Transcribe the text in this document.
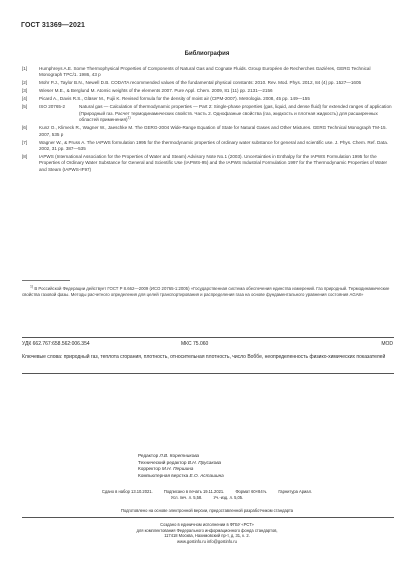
ГОСТ 31369—2021
Библиография
[1]	Humphreys A.E. Some Thermophysical Properties of Components of Natural Gas and Cognate Fluids. Group Européen de Recherches Gazières, GERG Technical Monograph TPC/1. 1986, 43 p
[2]	Mohr P.J., Taylor B.N., Newell D.B. CODATA recommended values of the fundamental physical constants: 2010. Rev. Mod. Phys. 2012, 84 (4) pp. 1527—1605
[3]	Wieser M.E., & Berglund M. Atomic weights of the elements 2007. Pure Appl. Chem. 2009, 81 (11) pp. 2131—2156
[4]	Picard A., Davis R.S., Gläser M., Fujii K. Revised formula for the density of moist air (CIPM-2007). Metrologia. 2008, 45 pp. 149—155
[5]	ISO 20765-2	Natural gas — Calculation of thermodynamic properties — Part 2: Single-phase properties (gas, liquid, and dense fluid) for extended ranges of application (Природный газ. Расчет термодинамических свойств. Часть 2. Однофазные свойства (газ, жидкость и плотная жидкость) для расширенных областей применения)$^{1)}$
[6]	Kunz O., Klimeck R., Wagner W., Jaeschke M. The GERG-2004 Wide-Range Equation of State for Natural Gases and Other Mixtures. GERG Technical Monograph TM-15. 2007, 535 p
[7]	Wagner W., & Pruss A. The IAPWS formulation 1995 for the thermodynamic properties of ordinary water substance for general and scientific use. J. Phys. Chem. Ref. Data. 2002, 31 pp. 387—535
[8]	IAPWS (International Association for the Properties of Water and Steam) Advisory Note No.1 (2003). Uncertainties in Enthalpy for the IAPWS Formulation 1995 for the Properties of Ordinary Water Substance for General and Scientific Use (IAPWS-95) and the IAPWS Industrial Formulation 1997 for the Thermodynamic Properties of Water and Steam (IAPWS-IF97)
$^{1)}$ В Российской Федерации действует ГОСТ Р 8.662—2009 (ИСО 20765-1:2005) «Государственная система обеспечения единства измерений. Газ природный. Термодинамические свойства газовой фазы. Методы расчетного определения для целей транспортирования и распределения газа на основе фундаментального уравнения состояния AGA8»
УДК 662.767:658.562:006.354	МКС 75.060	MOD
Ключевые слова: природный газ, теплота сгорания, плотность, относительная плотность, число Воббе, неопределенность физико-химических показателей
Редактор Л.В. Коретникова
Технический редактор В.Н. Прусакова
Корректор М.Н. Першина
Компьютерная верстка Е.О. Асташина
Сдано в набор 13.10.2021.	Подписано в печать 19.11.2021.	Формат 60×84⅛.	Гарнитура Ариал.
Усл. печ. л. 5,58.	Уч.-изд. л. 5,05.
Подготовлено на основе электронной версии, предоставленной разработчиком стандарта
Создано в единичном исполнении в ФГБУ «РСТ»
для комплектования Федерального информационного фонда стандартов,
117418 Москва, Нахимовский пр-т, д. 31, к. 2.
www.gostinfo.ru info@gostinfo.ru
